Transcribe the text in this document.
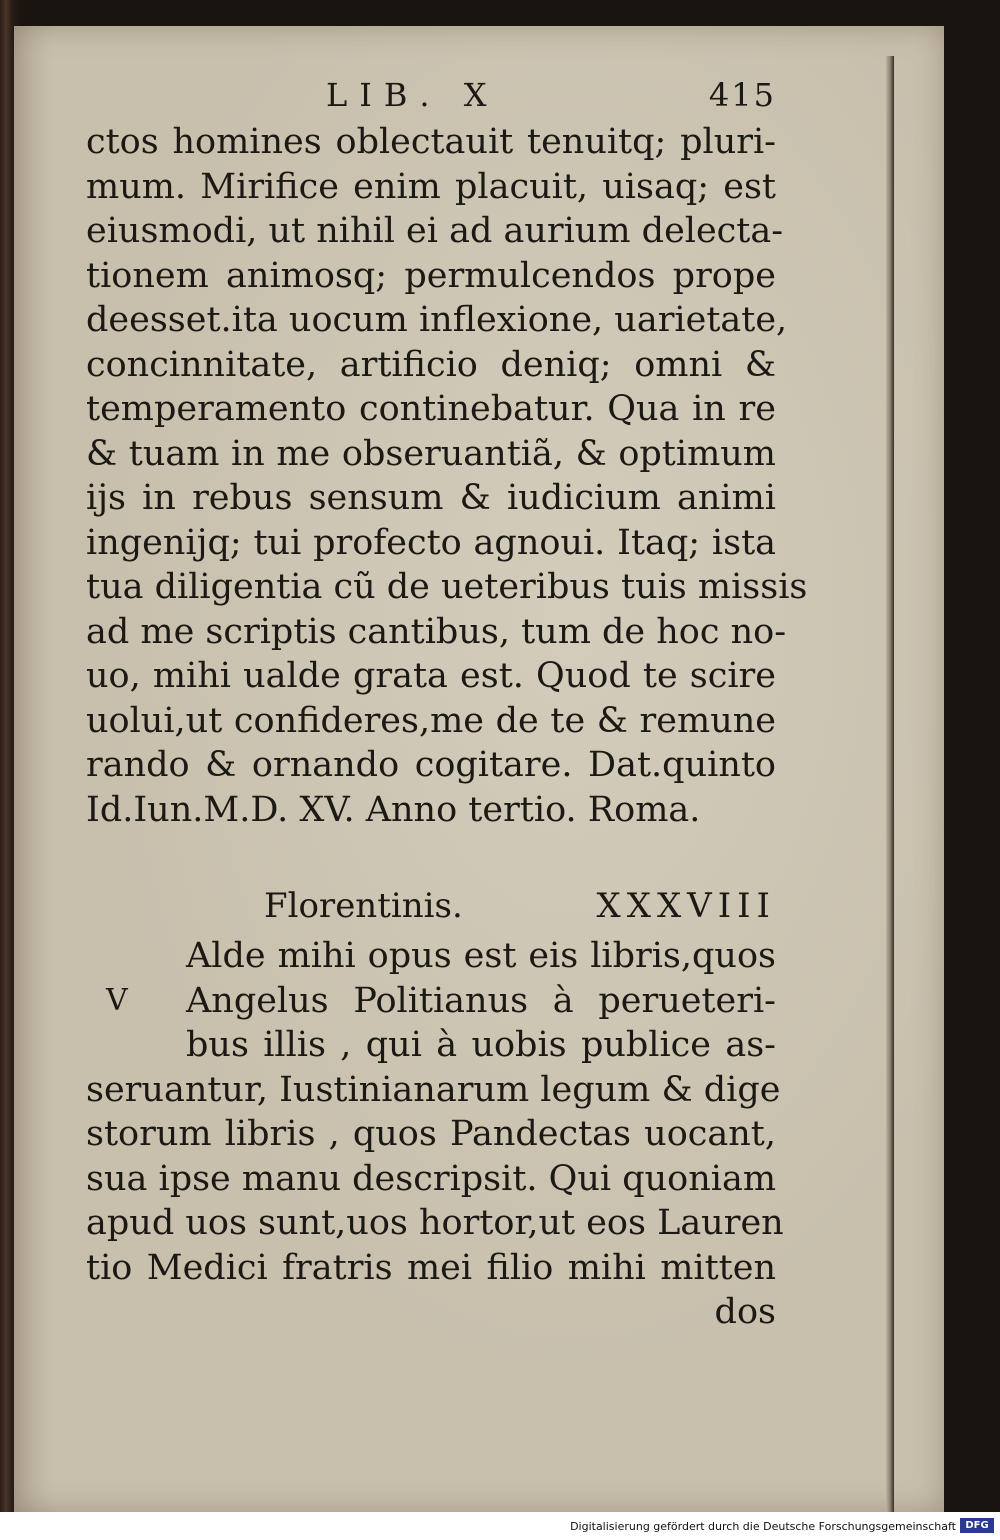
LIB. X	415
ctos homines oblectauit tenuitq; pluri-
mum. Mirifice enim placuit, uisaq; est
eiusmodi, ut nihil ei ad aurium delecta-
tionem animosq; permulcendos prope
deesset.ita uocum inflexione, uarietate,
concinnitate, artificio deniq; omni &
temperamento continebatur. Qua in re
& tuam in me obseruantiã, & optimum
ijs in rebus sensum & iudicium animi
ingenijq; tui profecto agnoui. Itaq; ista
tua diligentia cũ de ueteribus tuis missis
ad me scriptis cantibus, tum de hoc no-
uo, mihi ualde grata est. Quod te scire
uolui,ut confideres,me de te & remune
rando & ornando cogitare. Dat.quinto
Id.Iun.M.D. XV. Anno tertio. Roma.
Florentinis.	XXXVIII
V
Alde mihi opus est eis libris,quos
Angelus Politianus à perueteri-
bus illis , qui à uobis publice as-
seruantur, Iustinianarum legum & dige
storum libris , quos Pandectas uocant,
sua ipse manu descripsit. Qui quoniam
apud uos sunt,uos hortor,ut eos Lauren
tio Medici fratris mei filio mihi mitten
dos
Digitalisierung gefördert durch die Deutsche Forschungsgemeinschaft DFG
